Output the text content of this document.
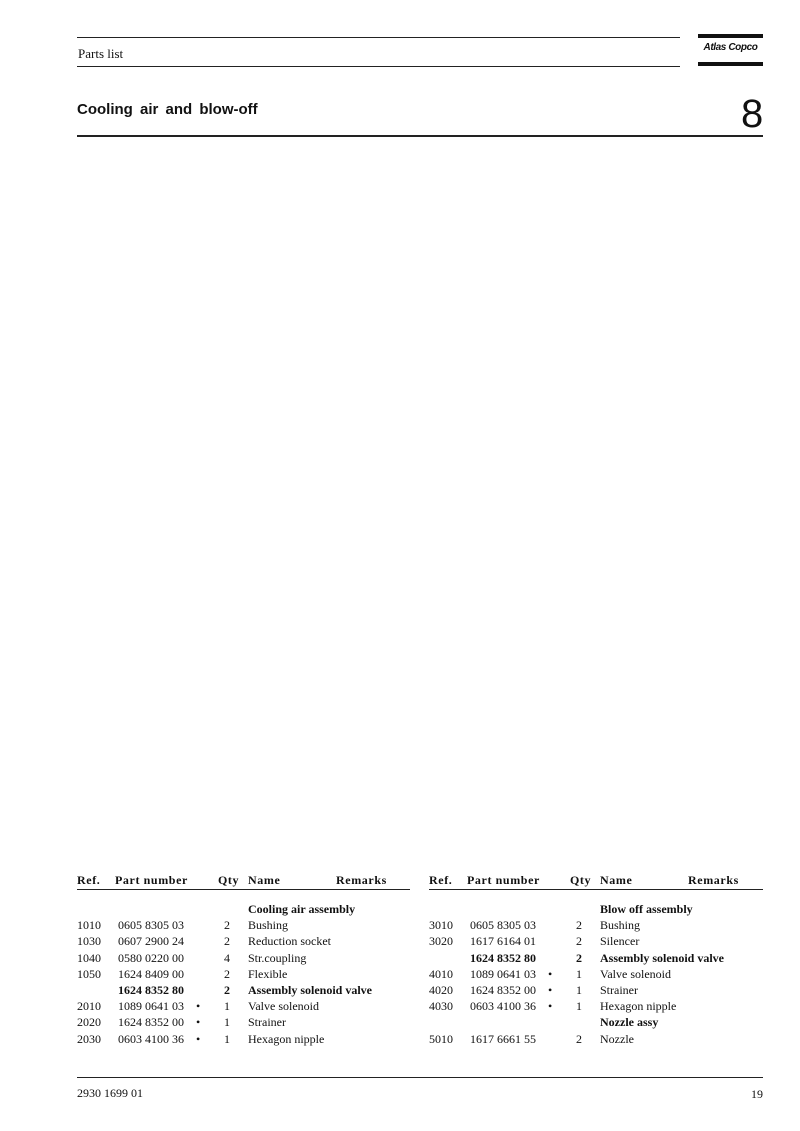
Parts list	Atlas Copco
Cooling air and blow-off	8
Ref. Part number	Qty Name	Remarks
Cooling air assembly
1010 0605 8305 03	2 Bushing
1030 0607 2900 24	2 Reduction socket
1040 0580 0220 00	4 Str.coupling
1050 1624 8409 00	2 Flexible
1624 8352 80	2 Assembly solenoid valve
2010 1089 0641 03 •	1 Valve solenoid
2020 1624 8352 00 •	1 Strainer
2030 0603 4100 36 •	1 Hexagon nipple
Ref. Part number	Qty Name	Remarks
Blow off assembly
3010 0605 8305 03	2 Bushing
3020 1617 6164 01	2 Silencer
1624 8352 80	2 Assembly solenoid valve
4010 1089 0641 03 •	1 Valve solenoid
4020 1624 8352 00 •	1 Strainer
4030 0603 4100 36 •	1 Hexagon nipple
Nozzle assy
5010 1617 6661 55	2 Nozzle
2930 1699 01	19
